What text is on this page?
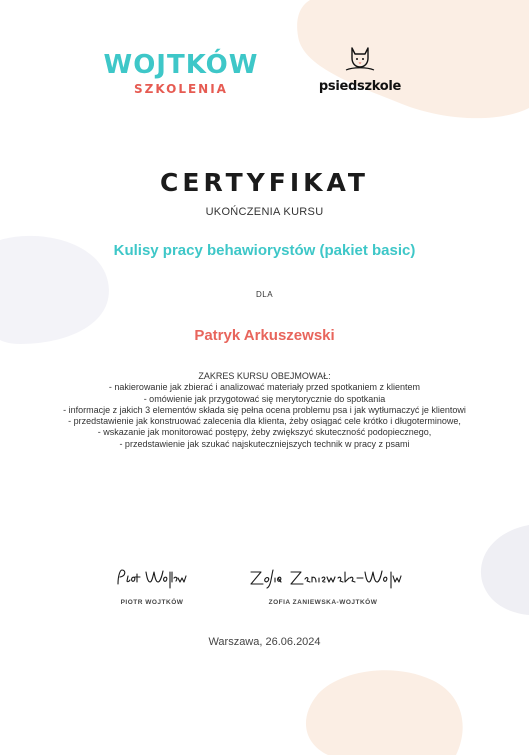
WOJTKÓW
SZKOLENIA	psiedszkole
CERTYFIKAT
UKOŃCZENIA KURSU
Kulisy pracy behawiorystów (pakiet basic)
DLA
Patryk Arkuszewski
ZAKRES KURSU OBEJMOWAŁ:
- nakierowanie jak zbierać i analizować materiały przed spotkaniem z klientem
- omówienie jak przygotować się merytorycznie do spotkania
- informacje z jakich 3 elementów składa się pełna ocena problemu psa i jak wytłumaczyć je klientowi
- przedstawienie jak konstruować zalecenia dla klienta, żeby osiągać cele krótko i długoterminowe,
- wskazanie jak monitorować postępy, żeby zwiększyć skuteczność podopiecznego,
- przedstawienie jak szukać najskuteczniejszych technik w pracy z psami
PIOTR WOJTKÓW	ZOFIA ZANIEWSKA-WOJTKÓW
Warszawa, 26.06.2024
